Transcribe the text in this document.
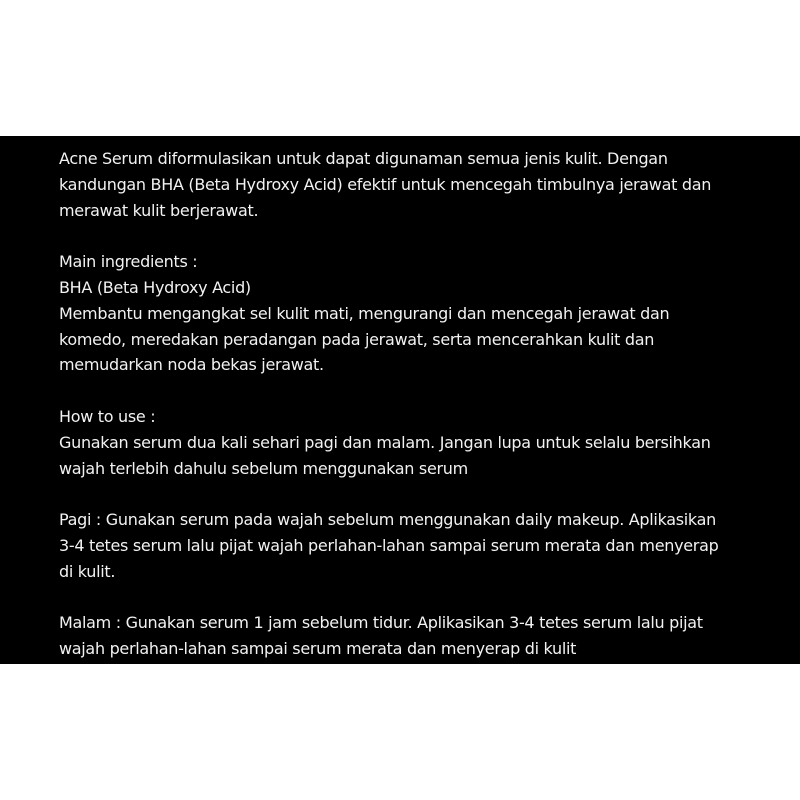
Acne Serum diformulasikan untuk dapat digunaman semua jenis kulit. Dengan
kandungan BHA (Beta Hydroxy Acid) efektif untuk mencegah timbulnya jerawat dan
merawat kulit berjerawat.
Main ingredients :
BHA (Beta Hydroxy Acid)
Membantu mengangkat sel kulit mati, mengurangi dan mencegah jerawat dan
komedo, meredakan peradangan pada jerawat, serta mencerahkan kulit dan
memudarkan noda bekas jerawat.
How to use :
Gunakan serum dua kali sehari pagi dan malam. Jangan lupa untuk selalu bersihkan
wajah terlebih dahulu sebelum menggunakan serum
Pagi : Gunakan serum pada wajah sebelum menggunakan daily makeup. Aplikasikan
3-4 tetes serum lalu pijat wajah perlahan-lahan sampai serum merata dan menyerap
di kulit.
Malam : Gunakan serum 1 jam sebelum tidur. Aplikasikan 3-4 tetes serum lalu pijat
wajah perlahan-lahan sampai serum merata dan menyerap di kulit
